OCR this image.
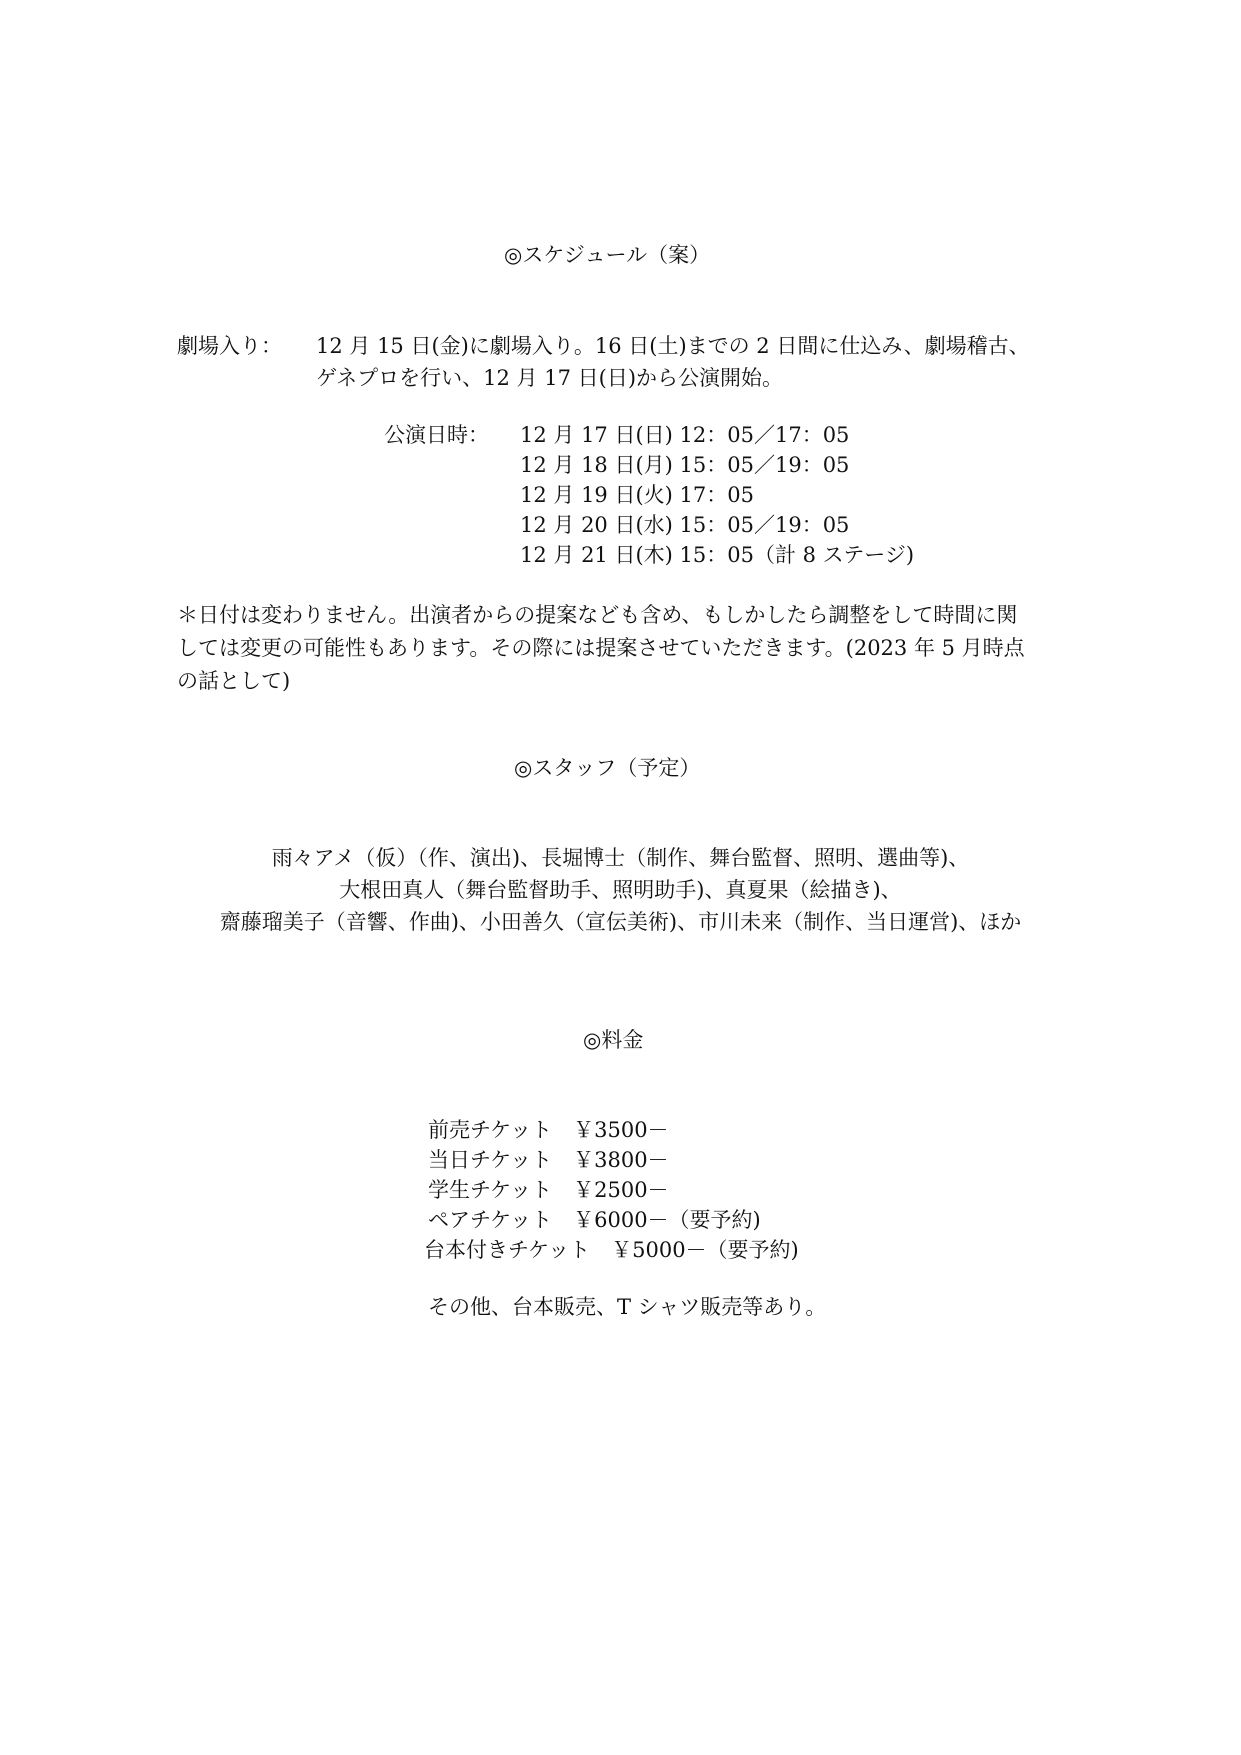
◎スケジュール（案）
劇場入り： 12 月 15 日(金)に劇場入り。16 日(土)までの 2 日間に仕込み、劇場稽古、
ゲネプロを行い、12 月 17 日(日)から公演開始。
公演日時： 12 月 17 日(日) 12：05／17：05
12 月 18 日(月) 15：05／19：05
12 月 19 日(火) 17：05
12 月 20 日(水) 15：05／19：05
12 月 21 日(木) 15：05（計 8 ステージ)
＊日付は変わりません。出演者からの提案なども含め、もしかしたら調整をして時間に関
しては変更の可能性もあります。その際には提案させていただきます。(2023 年 5 月時点
の話として)
◎スタッフ（予定）
雨々アメ（仮）（作、演出)、長堀博士（制作、舞台監督、照明、選曲等)、
大根田真人（舞台監督助手、照明助手)、真夏果（絵描き)、
齋藤瑠美子（音響、作曲)、小田善久（宣伝美術)、市川未来（制作、当日運営)、ほか
◎料金
前売チケット　￥3500－
当日チケット　￥3800－
学生チケット　￥2500－
ペアチケット　￥6000－（要予約)
台本付きチケット　￥5000－（要予約)
その他、台本販売、T シャツ販売等あり。
